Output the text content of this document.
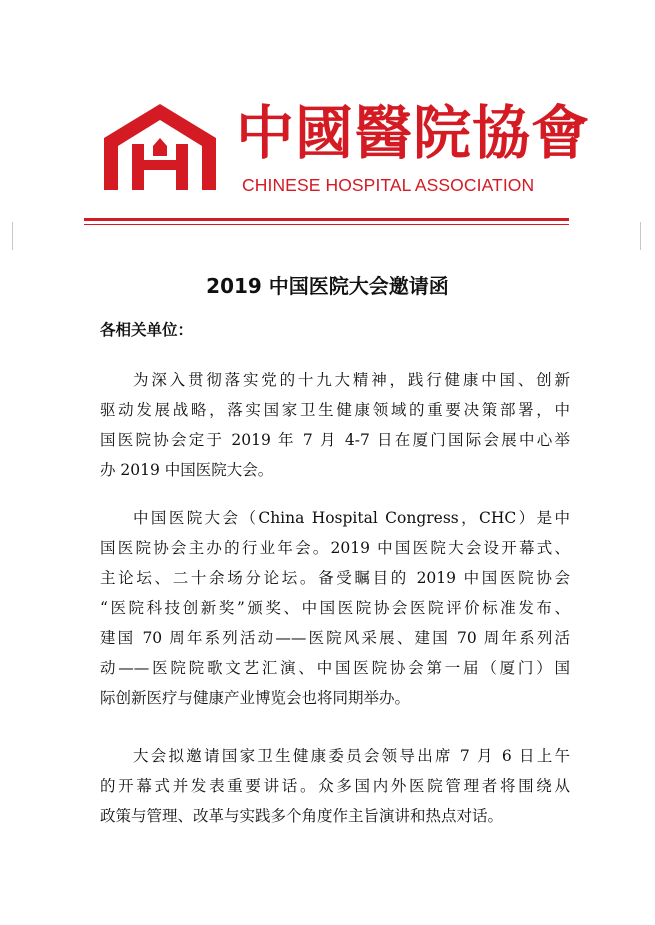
中國醫院協會
CHINESE HOSPITAL ASSOCIATION
2019 中国医院大会邀请函
各相关单位：
为深入贯彻落实党的十九大精神，践行健康中国、创新
驱动发展战略，落实国家卫生健康领域的重要决策部署，中
国医院协会定于 2019 年 7 月 4-7 日在厦门国际会展中心举
办 2019 中国医院大会。
中国医院大会（China Hospital Congress，CHC）是中
国医院协会主办的行业年会。2019 中国医院大会设开幕式、
主论坛、二十余场分论坛。备受瞩目的 2019 中国医院协会
“医院科技创新奖”颁奖、中国医院协会医院评价标准发布、
建国 70 周年系列活动——医院风采展、建国 70 周年系列活
动——医院院歌文艺汇演、中国医院协会第一届（厦门）国
际创新医疗与健康产业博览会也将同期举办。
大会拟邀请国家卫生健康委员会领导出席 7 月 6 日上午
的开幕式并发表重要讲话。众多国内外医院管理者将围绕从
政策与管理、改革与实践多个角度作主旨演讲和热点对话。
